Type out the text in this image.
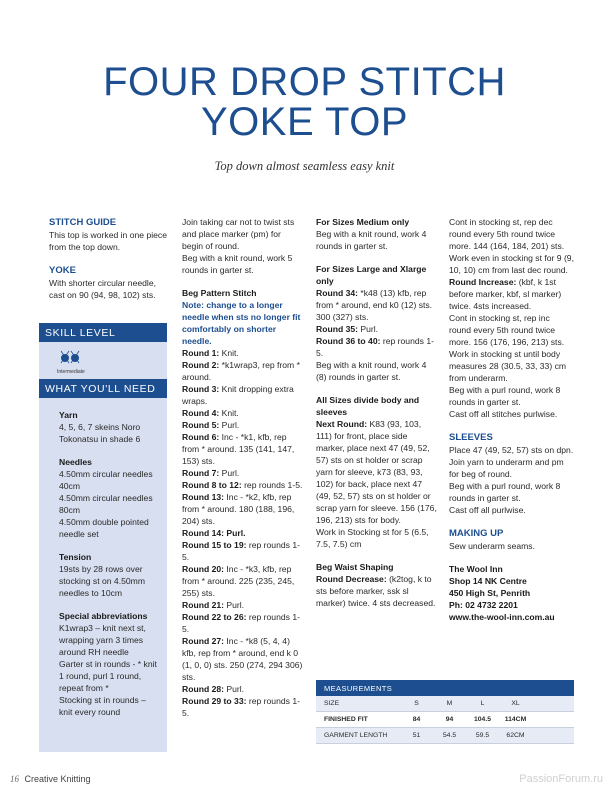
FOUR DROP STITCH
YOKE TOP
Top down almost seamless easy knit
STITCH GUIDE
This top is worked in one piece from the top down.
YOKE
With shorter circular needle, cast on 90 (94, 98, 102) sts.
SKILL LEVEL
Intermediate
WHAT YOU'LL NEED
Yarn
4, 5, 6, 7 skeins Noro Tokonatsu in shade 6
Needles
4.50mm circular needles 40cm
4.50mm circular needles 80cm
4.50mm double pointed needle set
Tension
19sts by 28 rows over stocking st on 4.50mm needles to 10cm
Special abbreviations
K1wrap3 – knit next st, wrapping yarn 3 times around RH needle
Garter st in rounds - * knit 1 round, purl 1 round, repeat from *
Stocking st in rounds – knit every round
Join taking car not to twist sts and place marker (pm) for begin of round.
Beg with a knit round, work 5 rounds in garter st.
Beg Pattern Stitch
Note: change to a longer needle when sts no longer fit comfortably on shorter needle.
Round 1: Knit.
Round 2: *k1wrap3, rep from * around.
Round 3: Knit dropping extra wraps.
Round 4: Knit.
Round 5: Purl.
Round 6: Inc - *k1, kfb, rep from * around. 135 (141, 147, 153) sts.
Round 7: Purl.
Round 8 to 12: rep rounds 1-5.
Round 13: Inc - *k2, kfb, rep from * around. 180 (188, 196, 204) sts.
Round 14: Purl.
Round 15 to 19: rep rounds 1-5.
Round 20: Inc - *k3, kfb, rep from * around. 225 (235, 245, 255) sts.
Round 21: Purl.
Round 22 to 26: rep rounds 1-5.
Round 27: Inc - *k8 (5, 4, 4) kfb, rep from * around, end k 0 (1, 0, 0) sts. 250 (274, 294 306) sts.
Round 28: Purl.
Round 29 to 33: rep rounds 1-5.
For Sizes Medium only
Beg with a knit round, work 4 rounds in garter st.
For Sizes Large and Xlarge only
Round 34: *k48 (13) kfb, rep from * around, end k0 (12) sts. 300 (327) sts.
Round 35: Purl.
Round 36 to 40: rep rounds 1-5.
Beg with a knit round, work 4 (8) rounds in garter st.
All Sizes divide body and sleeves
Next Round: K83 (93, 103, 111) for front, place side marker, place next 47 (49, 52, 57) sts on st holder or scrap yarn for sleeve, k73 (83, 93, 102) for back, place next 47 (49, 52, 57) sts on st holder or scrap yarn for sleeve. 156 (176, 196, 213) sts for body.
Work in Stocking st for 5 (6.5, 7.5, 7.5) cm
Beg Waist Shaping
Round Decrease: (k2tog, k to sts before marker, ssk sl marker) twice. 4 sts decreased.
Cont in stocking st, rep dec round every 5th round twice more. 144 (164, 184, 201) sts. Work even in stocking st for 9 (9, 10, 10) cm from last dec round.
Round Increase: (kbf, k 1st before marker, kbf, sl marker) twice. 4sts increased.
Cont in stocking st, rep inc round every 5th round twice more. 156 (176, 196, 213) sts. Work in stocking st until body measures 28 (30.5, 33, 33) cm from underarm.
Beg with a purl round, work 8 rounds in garter st.
Cast off all stitches purlwise.
SLEEVES
Place 47 (49, 52, 57) sts on dpn. Join yarn to underarm and pm for beg of round.
Beg with a purl round, work 8 rounds in garter st.
Cast off all purlwise.
MAKING UP
Sew underarm seams.
The Wool Inn
Shop 14 NK Centre
450 High St, Penrith
Ph: 02 4732 2201
www.the-wool-inn.com.au
MEASUREMENTS
SIZE	S	M	L	XL
FINISHED FIT	84	94	104.5	114CM
GARMENT LENGTH	51	54.5	59.5	62CM
16 Creative Knitting	PassionForum.ru
